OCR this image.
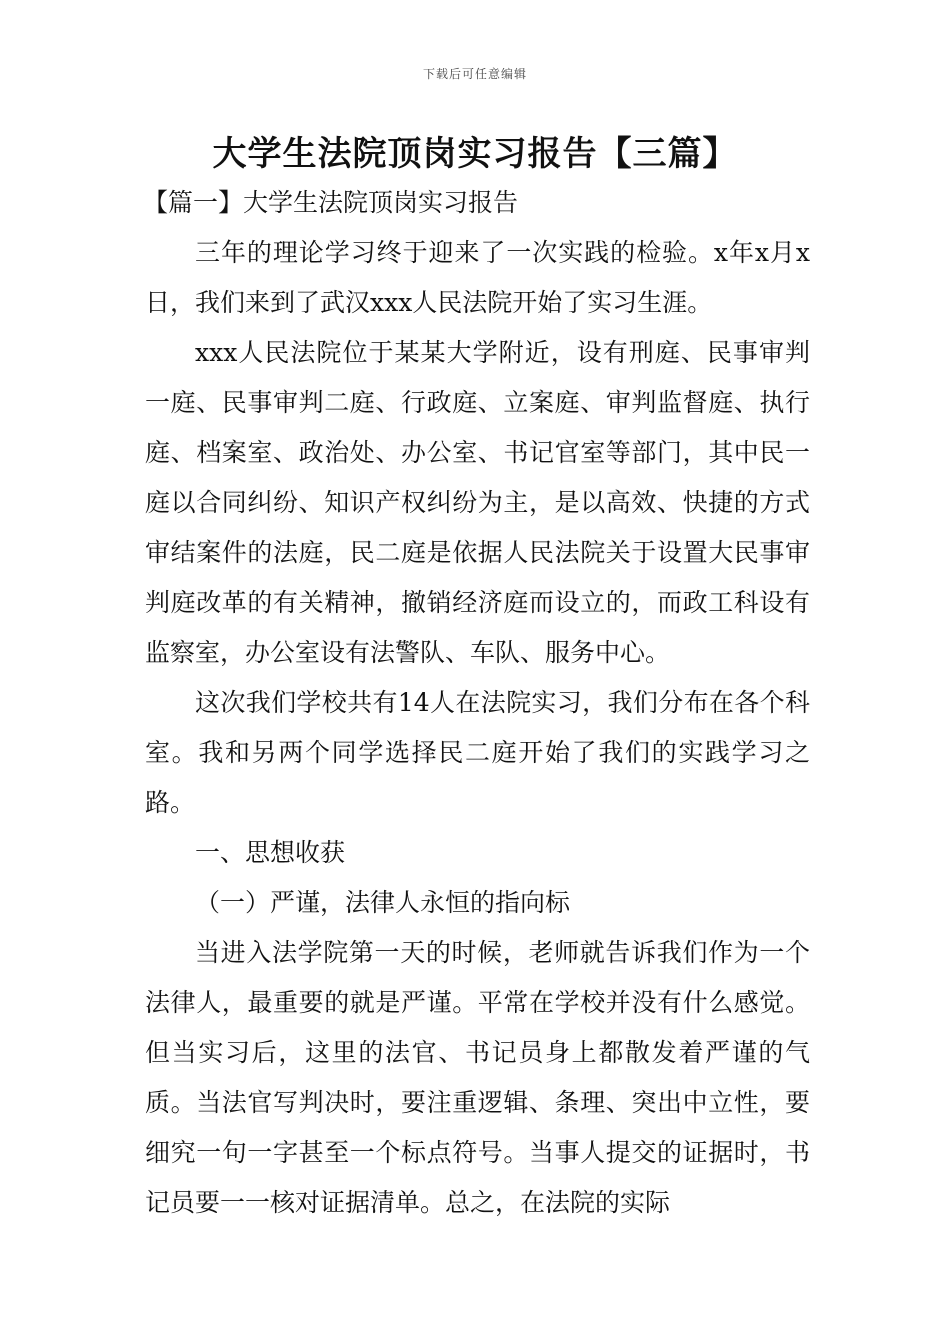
下载后可任意编辑
大学生法院顶岗实习报告【三篇】

【篇一】大学生法院顶岗实习报告

三年的理论学习终于迎来了一次实践的检验。x年x月x日，我们来到了武汉xxx人民法院开始了实习生涯。

xxx人民法院位于某某大学附近，设有刑庭、民事审判一庭、民事审判二庭、行政庭、立案庭、审判监督庭、执行庭、档案室、政治处、办公室、书记官室等部门，其中民一庭以合同纠纷、知识产权纠纷为主，是以高效、快捷的方式审结案件的法庭，民二庭是依据人民法院关于设置大民事审判庭改革的有关精神，撤销经济庭而设立的，而政工科设有监察室，办公室设有法警队、车队、服务中心。

这次我们学校共有14人在法院实习，我们分布在各个科室。我和另两个同学选择民二庭开始了我们的实践学习之路。

一、思想收获

（一）严谨，法律人永恒的指向标

当进入法学院第一天的时候，老师就告诉我们作为一个法律人，最重要的就是严谨。平常在学校并没有什么感觉。但当实习后，这里的法官、书记员身上都散发着严谨的气质。当法官写判决时，要注重逻辑、条理、突出中立性，要细究一句一字甚至一个标点符号。当事人提交的证据时，书记员要一一核对证据清单。总之，在法院的实际
